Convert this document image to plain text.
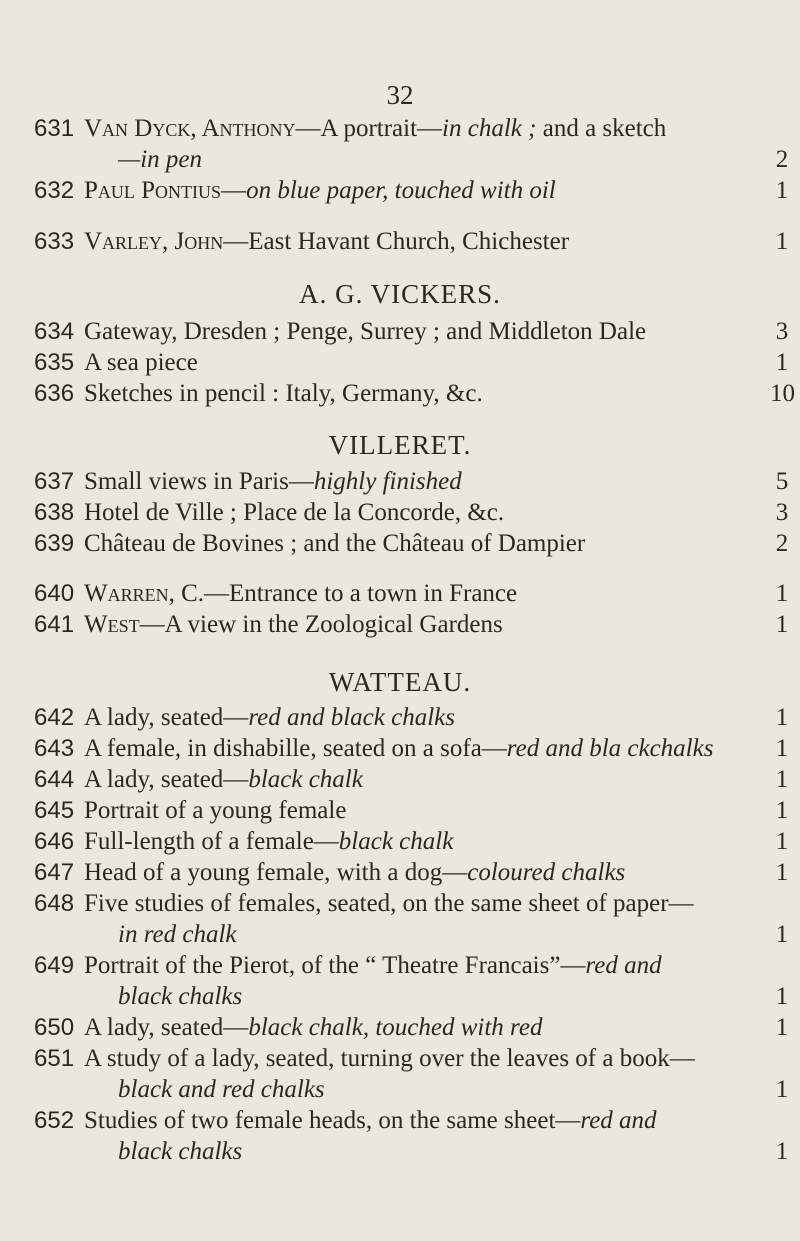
32
631 Van Dyck, Anthony—A portrait—in chalk ; and a sketch
—in pen	2
632 Paul Pontius—on blue paper, touched with oil	1
633 Varley, John—East Havant Church, Chichester	1
A. G. VICKERS.
634 Gateway, Dresden ; Penge, Surrey ; and Middleton Dale	3
635 A sea piece	1
636 Sketches in pencil : Italy, Germany, &c.	10
VILLERET.
637 Small views in Paris—highly finished	5
638 Hotel de Ville ; Place de la Concorde, &c.	3
639 Château de Bovines ; and the Château of Dampier	2
640 Warren, C.—Entrance to a town in France	1
641 West—A view in the Zoological Gardens	1
WATTEAU.
642 A lady, seated—red and black chalks	1
643 A female, in dishabille, seated on a sofa—red and bla ckchalks	1
644 A lady, seated—black chalk	1
645 Portrait of a young female	1
646 Full-length of a female—black chalk	1
647 Head of a young female, with a dog—coloured chalks	1
648 Five studies of females, seated, on the same sheet of paper—
in red chalk	1
649 Portrait of the Pierot, of the “ Theatre Francais”—red and
black chalks	1
650 A lady, seated—black chalk, touched with red	1
651 A study of a lady, seated, turning over the leaves of a book—
black and red chalks	1
652 Studies of two female heads, on the same sheet—red and
black chalks	1
